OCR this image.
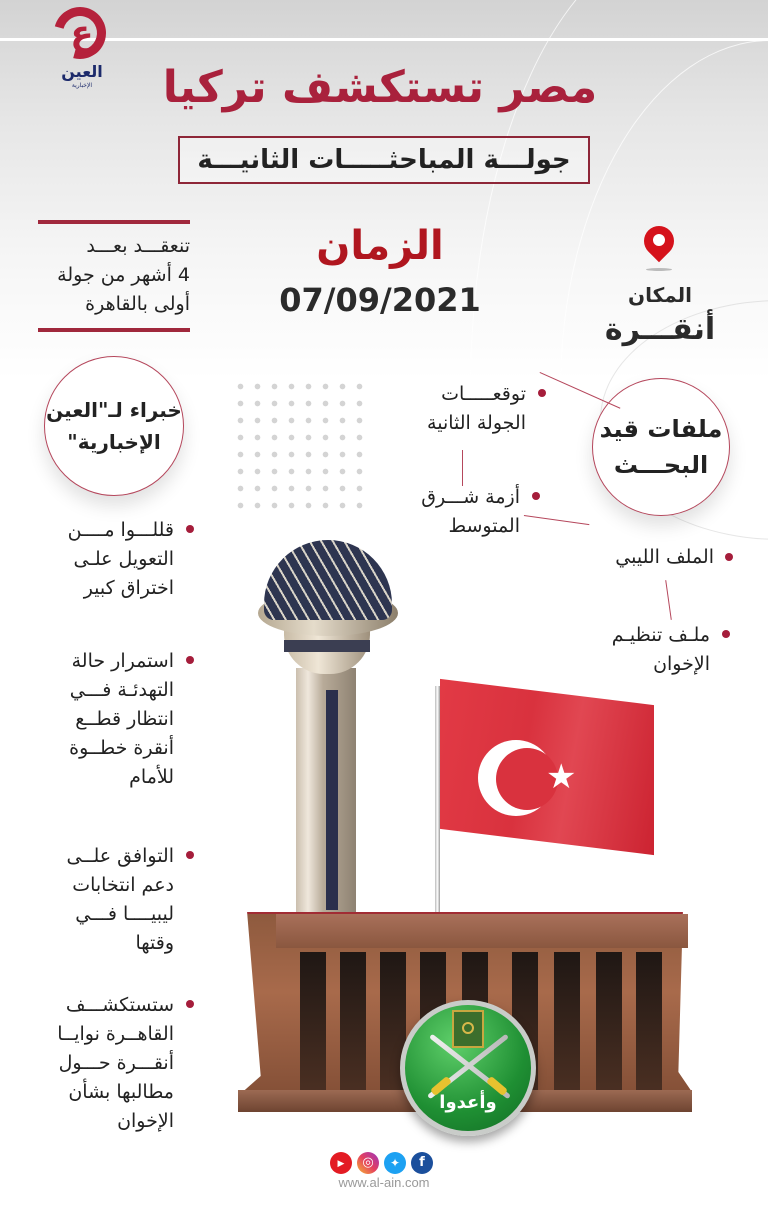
ع
العين
الإخبارية	مصر تستكشف تركيا
جولـــة المباحثـــــات الثانيـــة
الزمان
07/09/2021	المكان
أنقـــرة
تنعقـــد بعـــد
4 أشهر من جولة
أولى بالقاهرة
خبراء لـ"العين
الإخبارية"	ملفات قيد
البحـــث
توقعـــــات
الجولة الثانية
أزمة شـــرق
المتوسط
الملف الليبي
ملـف تنظيـم
الإخوان
قللـــوا مــــن
التعويل علـى
اختراق كبير
استمرار حالة
التهدئـة فـــي
انتظار قطــع
أنقرة خطــوة
للأمام
التوافق علــى
دعم انتخابات
ليبيــــا فـــي
وقتها
ستستكشـــف
القاهــرة نوايــا
أنقـــرة حـــول
مطالبها بشأن
الإخوان
★
وأعدوا
▶	◎	✦	f
www.al-ain.com
